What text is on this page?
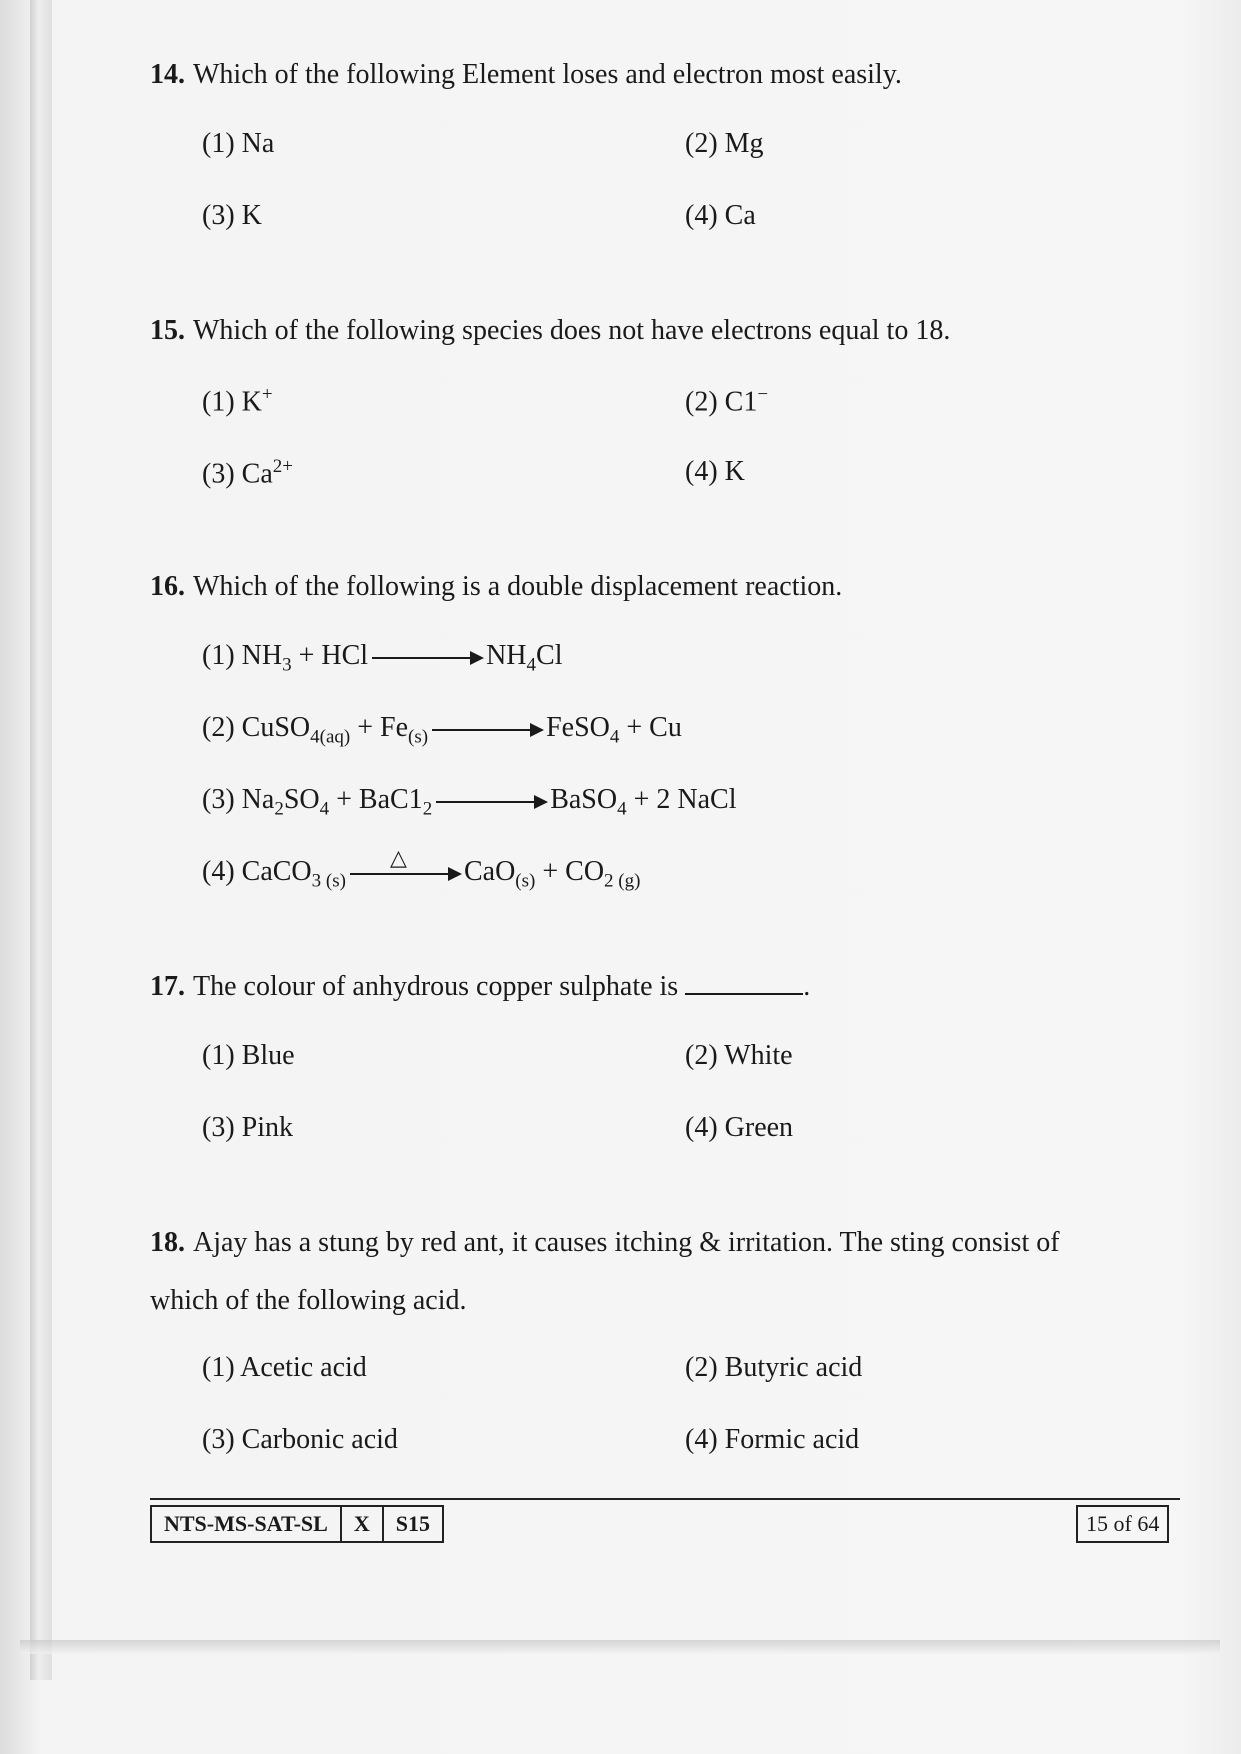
14. Which of the following Element loses and electron most easily.
(1) Na	(2) Mg
(3) K	(4) Ca
15. Which of the following species does not have electrons equal to 18.
(1) K+	(2) C1−
(3) $Ca^{2+}$	(4) K
16. Which of the following is a double displacement reaction.
(1) $NH_3$ + HCl → $NH_4Cl$
(2) CuSO$_{4(aq)}$ + $Fe_{(s)}$ → FeSO$_4$ + Cu
(3) $Na_2SO_4 + BaC1_2$ → BaSO$_4$ + 2 NaCl
(4) CaCO$_{3 (s)}$
△ $CaO_{(s)} + CO_{2 (g)}$
17. The colour of anhydrous copper sulphate is	.
(1) Blue	(2) White
(3) Pink	(4) Green
18. Ajay has a stung by red ant, it causes itching & irritation. The sting consist of
which of the following acid.
(1) Acetic acid	(2) Butyric acid
(3) Carbonic acid	(4) Formic acid
NTS-MS-SAT-SL	X	S15	15 of 64
